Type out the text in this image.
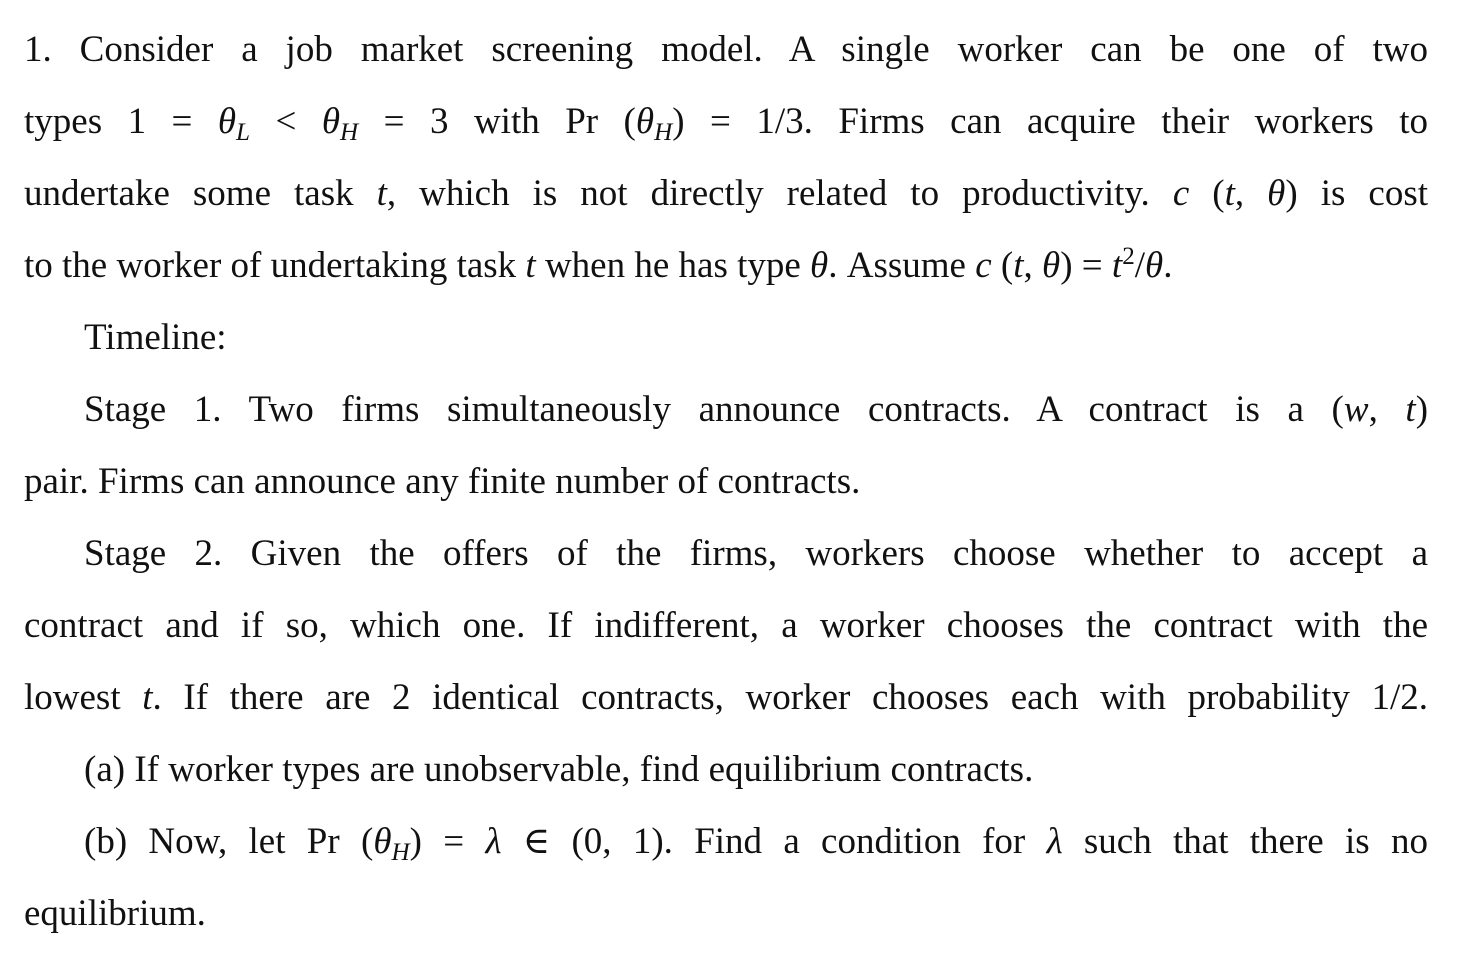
1. Consider a job market screening model. A single worker can be one of two
types $1 = \theta_L < \theta_H = 3$ with Pr $(\theta_H) = 1/3$. Firms can acquire their workers to
undertake some task t, which is not directly related to productivity. c (t, θ) is cost
to the worker of undertaking task t when he has type θ. Assume c (t, $\theta) = t^2/\theta$.
Timeline:
Stage 1. Two firms simultaneously announce contracts. A contract is a (w, t)
pair. Firms can announce any finite number of contracts.
Stage 2. Given the offers of the firms, workers choose whether to accept a
contract and if so, which one. If indifferent, a worker chooses the contract with the
lowest t. If there are 2 identical contracts, worker chooses each with probability 1/2.
(a) If worker types are unobservable, find equilibrium contracts.
(b) Now, let Pr $(\theta_H) = \lambda$ ∈ (0, 1). Find a condition for λ such that there is no
equilibrium.
